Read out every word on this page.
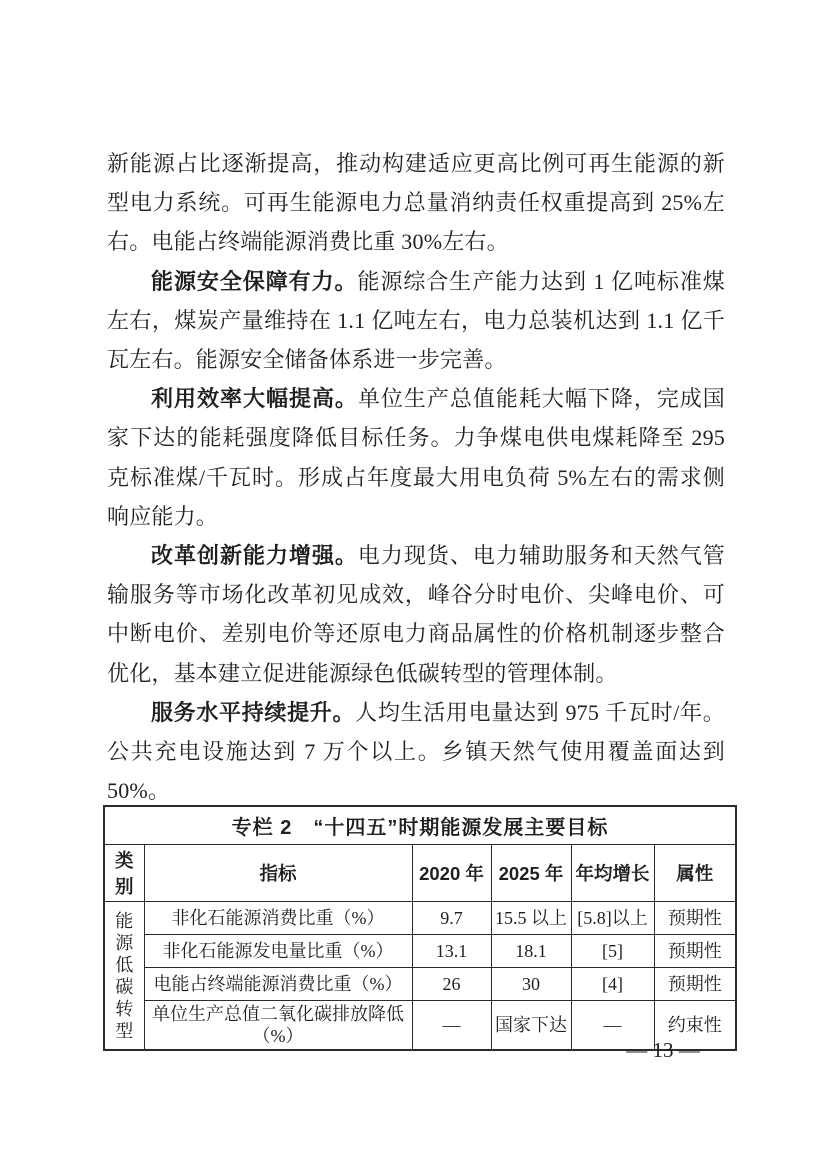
新能源占比逐渐提高，推动构建适应更高比例可再生能源的新型电力系统。可再生能源电力总量消纳责任权重提高到 25%左右。电能占终端能源消费比重 30%左右。

能源安全保障有力。能源综合生产能力达到 1 亿吨标准煤左右，煤炭产量维持在 1.1 亿吨左右，电力总装机达到 1.1 亿千瓦左右。能源安全储备体系进一步完善。

利用效率大幅提高。单位生产总值能耗大幅下降，完成国家下达的能耗强度降低目标任务。力争煤电供电煤耗降至 295 克标准煤/千瓦时。形成占年度最大用电负荷 5%左右的需求侧响应能力。

改革创新能力增强。电力现货、电力辅助服务和天然气管输服务等市场化改革初见成效，峰谷分时电价、尖峰电价、可中断电价、差别电价等还原电力商品属性的价格机制逐步整合优化，基本建立促进能源绿色低碳转型的管理体制。

服务水平持续提升。人均生活用电量达到 975 千瓦时/年。公共充电设施达到 7 万个以上。乡镇天然气使用覆盖面达到 50%。

专栏 2　“十四五”时期能源发展主要目标					
类别	指标	2020 年	2025 年	年均增长	属性
能源低碳转型	非化石能源消费比重（%）	9.7	15.5 以上	[5.8]以上	预期性
	非化石能源发电量比重（%）	13.1	18.1	[5]	预期性
	电能占终端能源消费比重（%）	26	30	[4]	预期性
	单位生产总值二氧化碳排放降低（%）	—	国家下达	—	约束性
— 13 —
